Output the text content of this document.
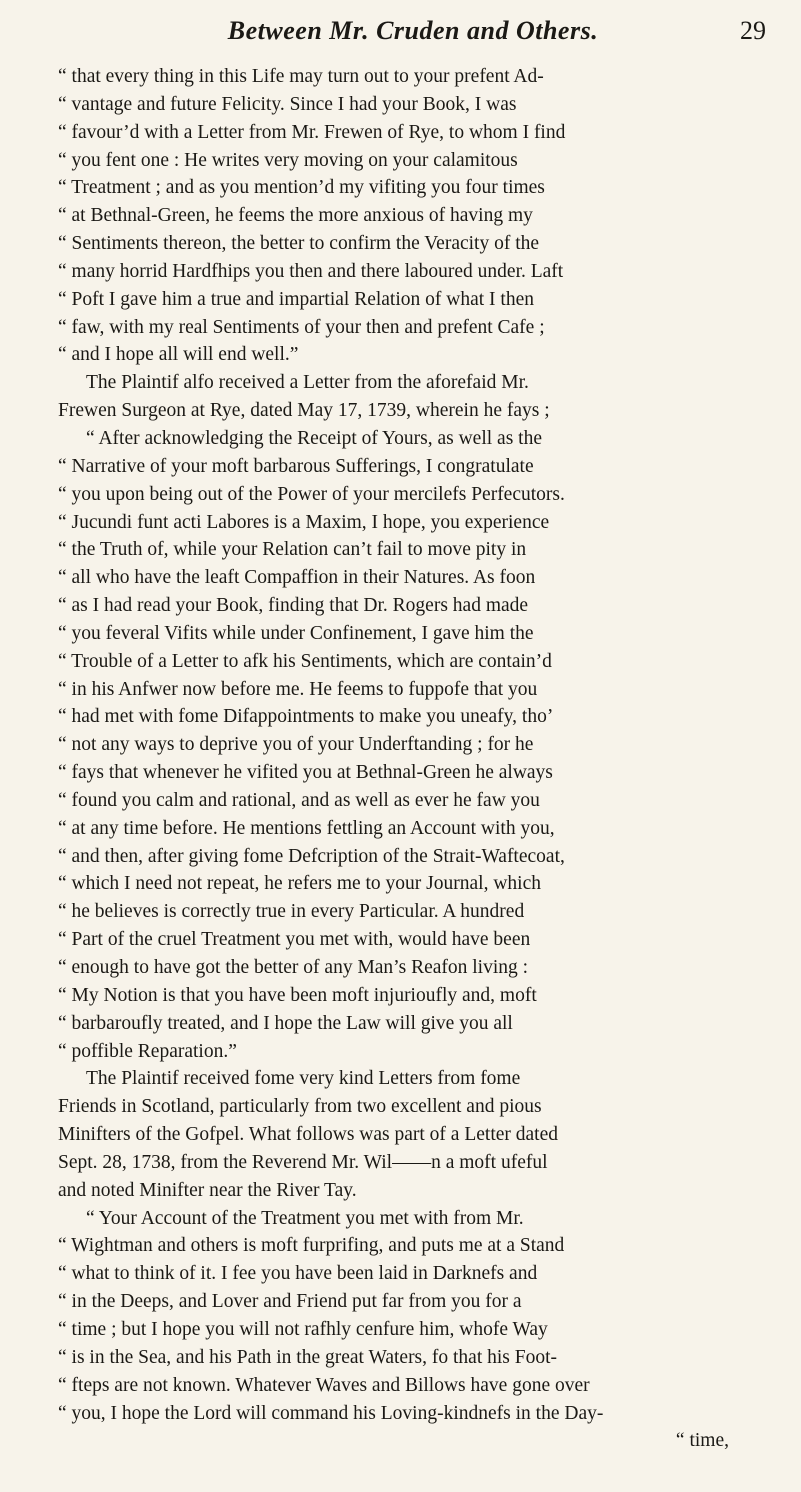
Between Mr. Cruden and Others.	29
“ that every thing in this Life may turn out to your prefent Ad-
“ vantage and future Felicity. Since I had your Book, I was
“ favour’d with a Letter from Mr. Frewen of Rye, to whom I find
“ you fent one : He writes very moving on your calamitous
“ Treatment ; and as you mention’d my vifiting you four times
“ at Bethnal-Green, he feems the more anxious of having my
“ Sentiments thereon, the better to confirm the Veracity of the
“ many horrid Hardfhips you then and there laboured under. Laft
“ Poft I gave him a true and impartial Relation of what I then
“ faw, with my real Sentiments of your then and prefent Cafe ;
“ and I hope all will end well.”
The Plaintif alfo received a Letter from the aforefaid Mr.
Frewen Surgeon at Rye, dated May 17, 1739, wherein he fays ;
“ After acknowledging the Receipt of Yours, as well as the
“ Narrative of your moft barbarous Sufferings, I congratulate
“ you upon being out of the Power of your mercilefs Perfecutors.
“ Jucundi funt acti Labores is a Maxim, I hope, you experience
“ the Truth of, while your Relation can’t fail to move pity in
“ all who have the leaft Compaffion in their Natures. As foon
“ as I had read your Book, finding that Dr. Rogers had made
“ you feveral Vifits while under Confinement, I gave him the
“ Trouble of a Letter to afk his Sentiments, which are contain’d
“ in his Anfwer now before me. He feems to fuppofe that you
“ had met with fome Difappointments to make you uneafy, tho’
“ not any ways to deprive you of your Underftanding ; for he
“ fays that whenever he vifited you at Bethnal-Green he always
“ found you calm and rational, and as well as ever he faw you
“ at any time before. He mentions fettling an Account with you,
“ and then, after giving fome Defcription of the Strait-Waftecoat,
“ which I need not repeat, he refers me to your Journal, which
“ he believes is correctly true in every Particular. A hundred
“ Part of the cruel Treatment you met with, would have been
“ enough to have got the better of any Man’s Reafon living :
“ My Notion is that you have been moft injurioufly and, moft
“ barbaroufly treated, and I hope the Law will give you all
“ poffible Reparation.”
The Plaintif received fome very kind Letters from fome
Friends in Scotland, particularly from two excellent and pious
Minifters of the Gofpel. What follows was part of a Letter dated
Sept. 28, 1738, from the Reverend Mr. Wil——n a moft ufeful
and noted Minifter near the River Tay.
“ Your Account of the Treatment you met with from Mr.
“ Wightman and others is moft furprifing, and puts me at a Stand
“ what to think of it. I fee you have been laid in Darknefs and
“ in the Deeps, and Lover and Friend put far from you for a
“ time ; but I hope you will not rafhly cenfure him, whofe Way
“ is in the Sea, and his Path in the great Waters, fo that his Foot-
“ fteps are not known. Whatever Waves and Billows have gone over
“ you, I hope the Lord will command his Loving-kindnefs in the Day-
“ time,
